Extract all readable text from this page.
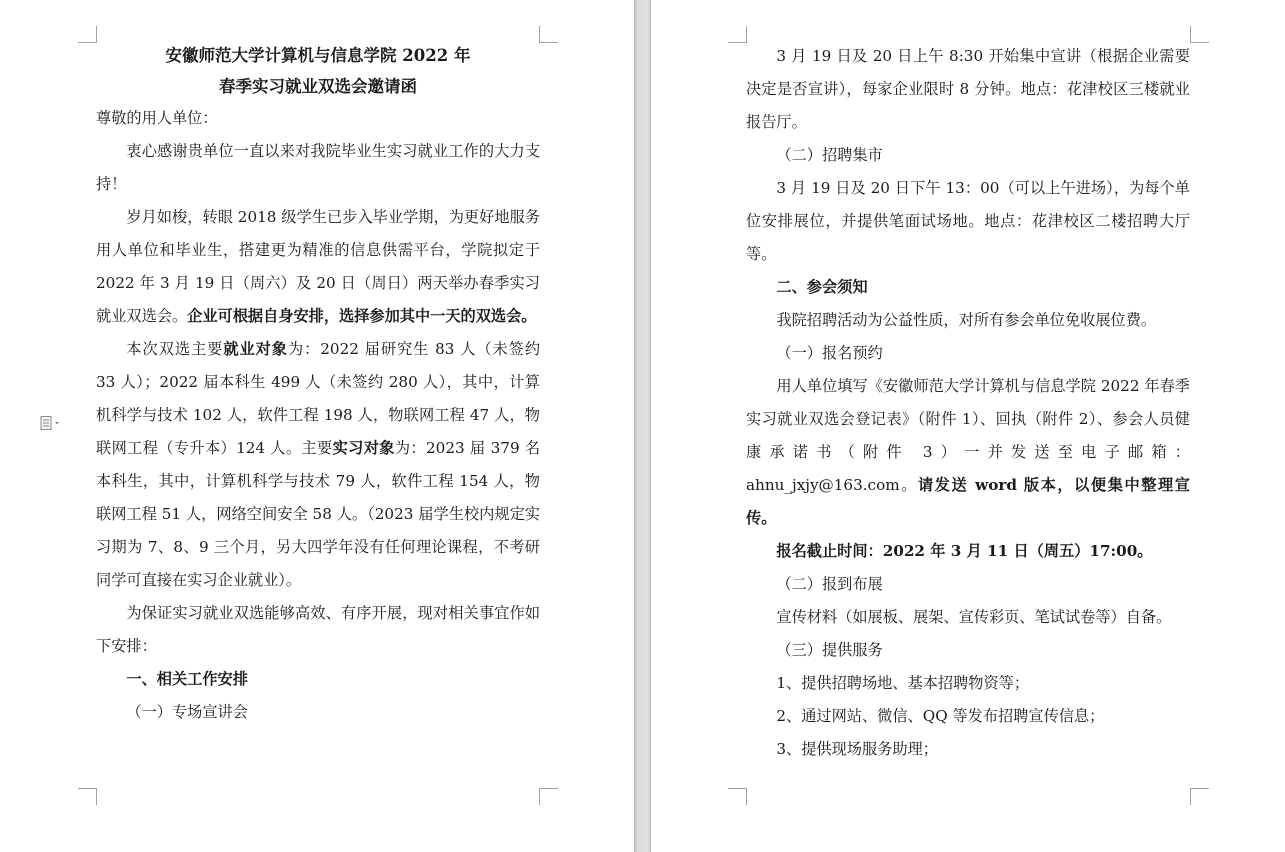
安徽师范大学计算机与信息学院 2022 年

春季实习就业双选会邀请函

尊敬的用人单位：

衷心感谢贵单位一直以来对我院毕业生实习就业工作的大力支持！

岁月如梭，转眼 2018 级学生已步入毕业学期，为更好地服务用人单位和毕业生，搭建更为精准的信息供需平台，学院拟定于 2022 年 3 月 19 日（周六）及 20 日（周日）两天举办春季实习就业双选会。企业可根据自身安排，选择参加其中一天的双选会。

本次双选主要就业对象为：2022 届研究生 83 人（未签约 33 人）；2022 届本科生 499 人（未签约 280 人），其中，计算机科学与技术 102 人，软件工程 198 人，物联网工程 47 人，物联网工程（专升本）124 人。主要实习对象为：2023 届 379 名本科生，其中，计算机科学与技术 79 人，软件工程 154 人，物联网工程 51 人，网络空间安全 58 人。（2023 届学生校内规定实习期为 7、8、9 三个月，另大四学年没有任何理论课程，不考研同学可直接在实习企业就业）。

为保证实习就业双选能够高效、有序开展，现对相关事宜作如下安排：

一、相关工作安排

（一）专场宣讲会

3 月 19 日及 20 日上午 8:30 开始集中宣讲（根据企业需要决定是否宣讲），每家企业限时 8 分钟。地点：花津校区三楼就业报告厅。

（二）招聘集市

3 月 19 日及 20 日下午 13：00（可以上午进场），为每个单位安排展位，并提供笔面试场地。地点：花津校区二楼招聘大厅等。

二、参会须知

我院招聘活动为公益性质，对所有参会单位免收展位费。

（一）报名预约

用人单位填写《安徽师范大学计算机与信息学院 2022 年春季实习就业双选会登记表》（附件 1）、回执（附件 2）、参会人员健康承诺书（附件 3）一并发送至电子邮箱：ahnu_jxjy@163.com。请发送 word 版本，以便集中整理宣传。

报名截止时间：2022 年 3 月 11 日（周五）17:00。

（二）报到布展

宣传材料（如展板、展架、宣传彩页、笔试试卷等）自备。

（三）提供服务

1、提供招聘场地、基本招聘物资等；

2、通过网站、微信、QQ 等发布招聘宣传信息；

3、提供现场服务助理；
